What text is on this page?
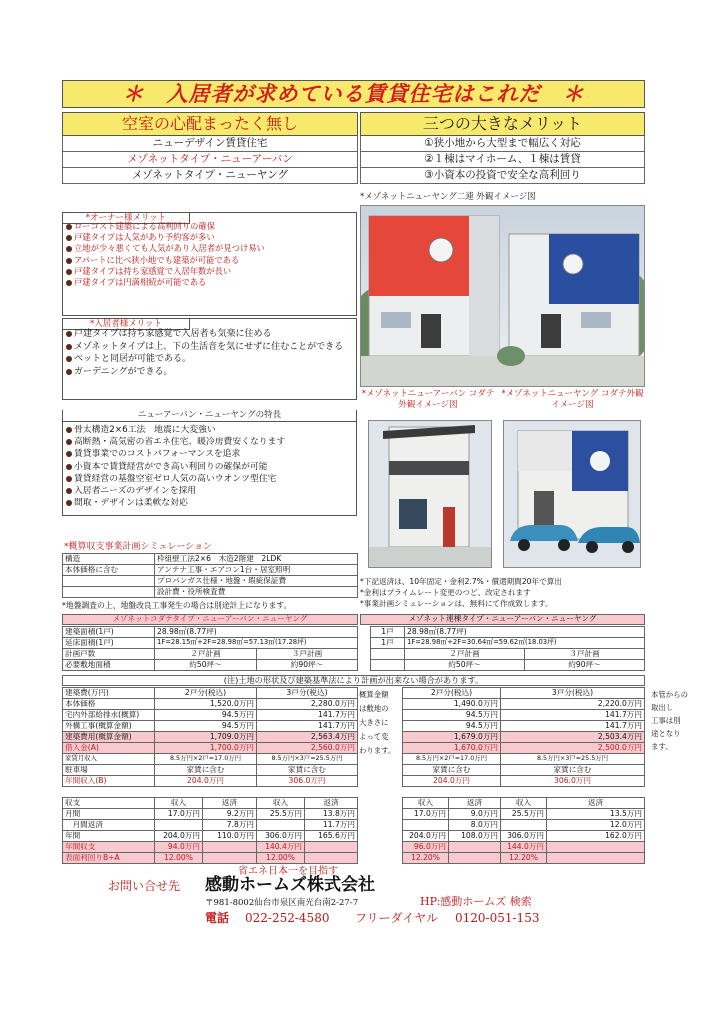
＊　入居者が求めている賃貸住宅はこれだ　＊
空室の心配まったく無し	三つの大きなメリット
ニューデザイン賃貸住宅
メゾネットタイプ・ニューアーバン
メゾネットタイプ・ニューヤング
①狭小地から大型まで幅広く対応
②１棟はマイホーム、１棟は賃貸
③小資本の投資で安全な高利回り
*オーナー様メリット
ローコスト建築による高利回りの確保
戸建タイプは人気があり予約客が多い
立地が少々悪くても人気があり入居者が見つけ易い
アパートに比べ狭小地でも建築が可能である
戸建タイプは持ち家感覚で入居年数が長い
戸建タイプは円満相続が可能である
*入居者様メリット
戸建タイプは持ち家感覚で入居者も気楽に住める
メゾネットタイプは上、下の生活音を気にせずに住むことができる
ペットと同居が可能である。
ガーデニングができる。
ニューアーバン・ニューヤングの特長
骨太構造2×6工法　地震に大変強い
高断熱・高気密の省エネ住宅、暖冷房費安くなります
賃貸事業でのコストパフォーマンスを追求
小資本で賃貸経営ができ高い利回りの確保が可能
賃貸経営の基盤空室ゼロ人気の高いウオンツ型住宅
入居者ニーズのデザインを採用
間取・デザインは柔軟な対応
*メゾネットニューヤング二連 外観イメージ図
*メゾネットニューアーバン コダテ外観イメージ図
*メゾネットニューヤング コダテ外観イメージ図
*概算収支事業計画シミュレーション
構造	枠組壁工法2×6　木造2階建　2LDK
本体価格に含む	アンテナ工事・エアコン1台・居室照明
	プロパンガス仕様・地盤・瑕疵保証費
	設計費・役所検査費
*下記返済は、10年固定・金利2.7%・償還期間20年で算出
*金利はプライムレート変更のつど、改定されます
*事業計画シミュレーションは、無料にて作成致します。
*地盤調査の上、地盤改良工事発生の場合は別途計上になります。
メゾネットコダテタイプ・ニューアーバン・ニューヤング	メゾネット連棟タイプ・ニューアーバン・ニューヤング
建築面積(1戸)	28.98㎡(8.77坪)	
延床面積(1戸)	1F=28.15㎡+2F=28.98㎡=57.13㎡(17.28坪)	
計画戸数	２戸計画	３戸計画
必要敷地面積	約50坪～	約90坪～
1戸	28.98㎡(8.77坪)	
1戸	1F=28.98㎡+2F=30.64㎡=59.62㎡(18.03坪)	
	２戸計画	３戸計画
	約50坪～	約90坪～
(注)土地の形状及び建築基準法により計画が出来ない場合があります。
建築費(万円)	2戸分(税込)	3戸分(税込)
本体価格	1,520.0万円	2,280.0万円
宅内外部給排水(概算)	94.5万円	141.7万円
外構工事(概算金額)	94.5万円	141.7万円
建築費用(概算金額)	1,709.0万円	2,563.4万円
借入金(A)	1,700.0万円	2,560.0万円
家賃月収入	8.5万円×2戸=17.0万円	8.5万円×3戸=25.5万円
駐車場	家賃に含む	家賃に含む
年間収入(B)	204.0万円	306.0万円
2戸分(税込)	3戸分(税込)
1,490.0万円	2,220.0万円
94.5万円	141.7万円
94.5万円	141.7万円
1,679.0万円	2,503.4万円
1,670.0万円	2,500.0万円
8.5万円×2戸=17.0万円	8.5万円×3戸=25.5万円
家賃に含む	家賃に含む
204.0万円	306.0万円
概算金額
は敷地の
大きさに
よって変
わります。
本管からの
取出し
工事は別
途となり
ます。
収支	収入	返済	収入	返済
月間	17.0万円	9.2万円	25.5万円	13.8万円
　月間返済		7.8万円		11.7万円
年間	204.0万円	110.0万円	306.0万円	165.6万円
年間収支	94.0万円		140.4万円	
表面利回りB÷A	12.00%		12.00%	
収入	返済	収入	返済
17.0万円	9.0万円	25.5万円	13.5万円
	8.0万円		12.0万円
204.0万円	108.0万円	306.0万円	162.0万円
96.0万円		144.0万円	
12.20%		12.20%	
省エネ日本一を目指す
お問い合せ先 感動ホームズ株式会社
〒981-8002仙台市泉区南光台南2-27-7	HP:感動ホームズ 検索
電話 022-252-4580 フリーダイヤル 0120-051-153
